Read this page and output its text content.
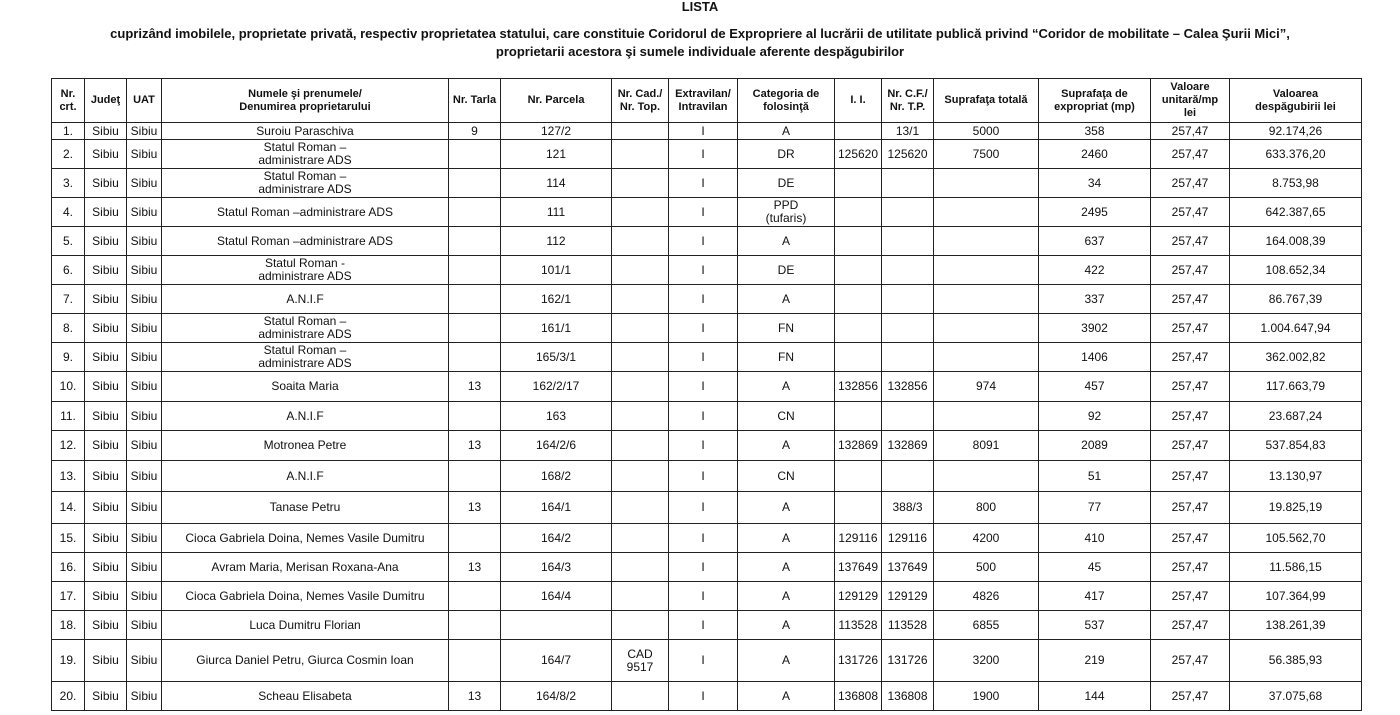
LISTA
cuprizând imobilele, proprietate privată, respectiv proprietatea statului, care constituie Coridorul de Expropriere al lucrării de utilitate publică privind “Coridor de mobilitate – Calea Şurii Mici”, proprietarii acestora şi sumele individuale aferente despăgubirilor
Nr.
crt.	Judeţ	UAT	Numele şi prenumele/
Denumirea proprietarului	Nr. Tarla	Nr. Parcela	Nr. Cad./
Nr. Top.	Extravilan/
Intravilan	Categoria de
folosinţă	I. I.	Nr. C.F./
Nr. T.P.	Suprafaţa totală	Suprafaţa de
expropriat (mp)	Valoare
unitară/mp
lei	Valoarea
despăgubirii lei
1.	Sibiu	Sibiu	Suroiu Paraschiva	9	127/2		I	A		13/1	5000	358	257,47	92.174,26
2.	Sibiu	Sibiu	Statul Roman –
administrare ADS		121		I	DR	125620	125620	7500	2460	257,47	633.376,20
3.	Sibiu	Sibiu	Statul Roman –
administrare ADS		114		I	DE				34	257,47	8.753,98
4.	Sibiu	Sibiu	Statul Roman –administrare ADS		111		I	PPD
(tufaris)				2495	257,47	642.387,65
5.	Sibiu	Sibiu	Statul Roman –administrare ADS		112		I	A				637	257,47	164.008,39
6.	Sibiu	Sibiu	Statul Roman -
administrare ADS		101/1		I	DE				422	257,47	108.652,34
7.	Sibiu	Sibiu	A.N.I.F		162/1		I	A				337	257,47	86.767,39
8.	Sibiu	Sibiu	Statul Roman –
administrare ADS		161/1		I	FN				3902	257,47	1.004.647,94
9.	Sibiu	Sibiu	Statul Roman –
administrare ADS		165/3/1		I	FN				1406	257,47	362.002,82
10.	Sibiu	Sibiu	Soaita Maria	13	162/2/17		I	A	132856	132856	974	457	257,47	117.663,79
11.	Sibiu	Sibiu	A.N.I.F		163		I	CN				92	257,47	23.687,24
12.	Sibiu	Sibiu	Motronea Petre	13	164/2/6		I	A	132869	132869	8091	2089	257,47	537.854,83
13.	Sibiu	Sibiu	A.N.I.F		168/2		I	CN				51	257,47	13.130,97
14.	Sibiu	Sibiu	Tanase Petru	13	164/1		I	A		388/3	800	77	257,47	19.825,19
15.	Sibiu	Sibiu	Cioca Gabriela Doina, Nemes Vasile Dumitru		164/2		I	A	129116	129116	4200	410	257,47	105.562,70
16.	Sibiu	Sibiu	Avram Maria, Merisan Roxana-Ana	13	164/3		I	A	137649	137649	500	45	257,47	11.586,15
17.	Sibiu	Sibiu	Cioca Gabriela Doina, Nemes Vasile Dumitru		164/4		I	A	129129	129129	4826	417	257,47	107.364,99
18.	Sibiu	Sibiu	Luca Dumitru Florian				I	A	113528	113528	6855	537	257,47	138.261,39
19.	Sibiu	Sibiu	Giurca Daniel Petru, Giurca Cosmin Ioan		164/7	CAD 9517	I	A	131726	131726	3200	219	257,47	56.385,93
20.	Sibiu	Sibiu	Scheau Elisabeta	13	164/8/2		I	A	136808	136808	1900	144	257,47	37.075,68
